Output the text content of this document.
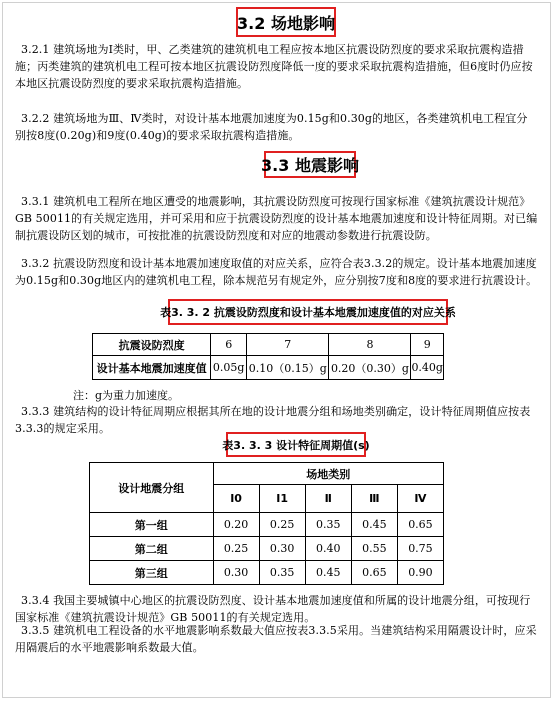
3.2 场地影响
3.2.1 建筑场地为Ⅰ类时，甲、乙类建筑的建筑机电工程应按本地区抗震设防烈度的要求采取抗震构造措施；丙类建筑的建筑机电工程可按本地区抗震设防烈度降低一度的要求采取抗震构造措施，但6度时仍应按本地区抗震设防烈度的要求采取抗震构造措施。
3.2.2 建筑场地为Ⅲ、Ⅳ类时，对设计基本地震加速度为0.15g和0.30g的地区，各类建筑机电工程宜分别按8度(0.20g)和9度(0.40g)的要求采取抗震构造措施。
3.3 地震影响
3.3.1 建筑机电工程所在地区遭受的地震影响，其抗震设防烈度可按现行国家标准《建筑抗震设计规范》GB 50011的有关规定选用，并可采用和应于抗震设防烈度的设计基本地震加速度和设计特征周期。对已编制抗震设防区划的城市，可按批准的抗震设防烈度和对应的地震动参数进行抗震设防。
3.3.2 抗震设防烈度和设计基本地震加速度取值的对应关系，应符合表3.3.2的规定。设计基本地震加速度为0.15g和0.30g地区内的建筑机电工程，除本规范另有规定外，应分别按7度和8度的要求进行抗震设计。
表3. 3. 2 抗震设防烈度和设计基本地震加速度值的对应关系
抗震设防烈度	6	7	8	9
设计基本地震加速度值	0.05g	0.10（0.15）g	0.20（0.30）g	0.40g
注：g为重力加速度。
3.3.3 建筑结构的设计特征周期应根据其所在地的设计地震分组和场地类别确定，设计特征周期值应按表3.3.3的规定采用。
表3. 3. 3 设计特征周期值(s)
设计地震分组	场地类别				
	Ⅰ0	Ⅰ1	Ⅱ	Ⅲ	Ⅳ
第一组	0.20	0.25	0.35	0.45	0.65
第二组	0.25	0.30	0.40	0.55	0.75
第三组	0.30	0.35	0.45	0.65	0.90
3.3.4 我国主要城镇中心地区的抗震设防烈度、设计基本地震加速度值和所属的设计地震分组，可按现行国家标准《建筑抗震设计规范》GB 50011的有关规定选用。
3.3.5 建筑机电工程设备的水平地震影响系数最大值应按表3.3.5采用。当建筑结构采用隔震设计时，应采用隔震后的水平地震影响系数最大值。
